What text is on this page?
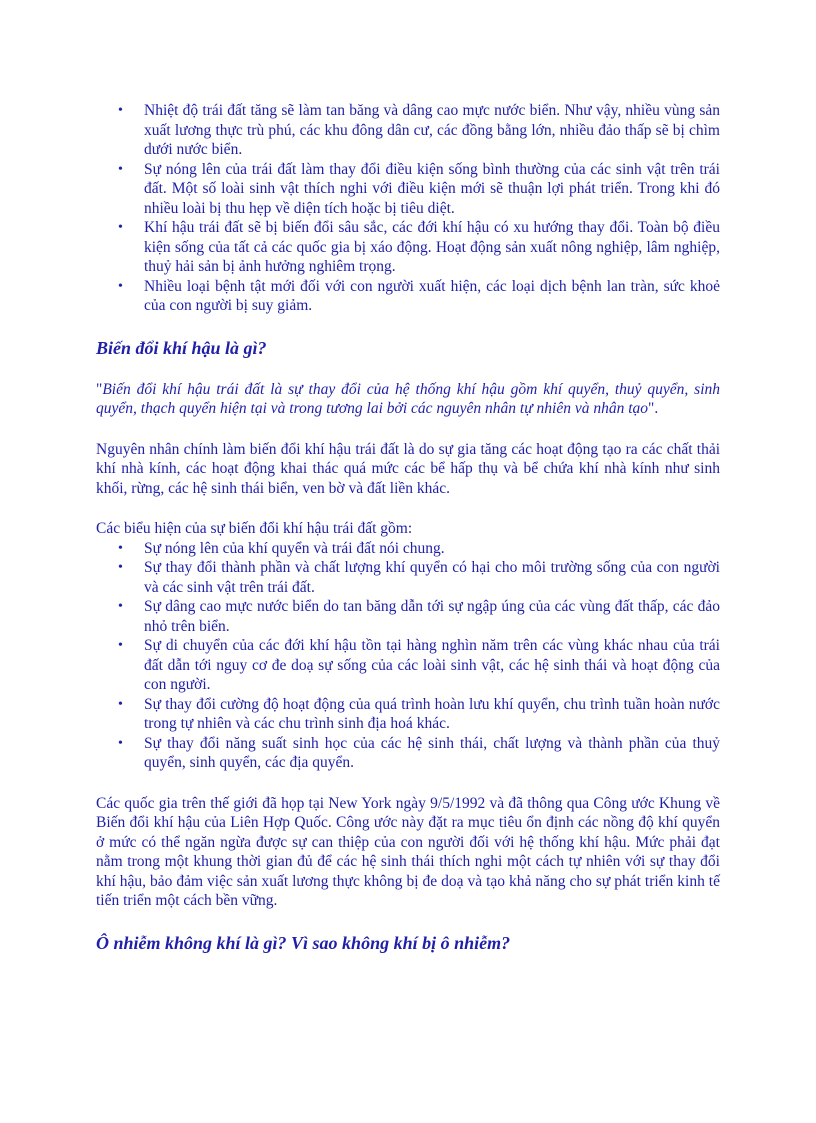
• Nhiệt độ trái đất tăng sẽ làm tan băng và dâng cao mực nước biển. Như vậy, nhiều vùng sản xuất lương thực trù phú, các khu đông dân cư, các đồng bằng lớn, nhiều đảo thấp sẽ bị chìm dưới nước biển.
• Sự nóng lên của trái đất làm thay đổi điều kiện sống bình thường của các sinh vật trên trái đất. Một số loài sinh vật thích nghi với điều kiện mới sẽ thuận lợi phát triển. Trong khi đó nhiều loài bị thu hẹp về diện tích hoặc bị tiêu diệt.
• Khí hậu trái đất sẽ bị biến đổi sâu sắc, các đới khí hậu có xu hướng thay đổi. Toàn bộ điều kiện sống của tất cả các quốc gia bị xáo động. Hoạt động sản xuất nông nghiệp, lâm nghiệp, thuỷ hải sản bị ảnh hưởng nghiêm trọng.
• Nhiều loại bệnh tật mới đối với con người xuất hiện, các loại dịch bệnh lan tràn, sức khoẻ của con người bị suy giảm.
Biến đổi khí hậu là gì?

"Biến đổi khí hậu trái đất là sự thay đổi của hệ thống khí hậu gồm khí quyển, thuỷ quyển, sinh quyển, thạch quyển hiện tại và trong tương lai bởi các nguyên nhân tự nhiên và nhân tạo".

Nguyên nhân chính làm biến đổi khí hậu trái đất là do sự gia tăng các hoạt động tạo ra các chất thải khí nhà kính, các hoạt động khai thác quá mức các bể hấp thụ và bể chứa khí nhà kính như sinh khối, rừng, các hệ sinh thái biển, ven bờ và đất liền khác.

Các biểu hiện của sự biến đổi khí hậu trái đất gồm:

• Sự nóng lên của khí quyển và trái đất nói chung.
• Sự thay đổi thành phần và chất lượng khí quyển có hại cho môi trường sống của con người và các sinh vật trên trái đất.
• Sự dâng cao mực nước biển do tan băng dẫn tới sự ngập úng của các vùng đất thấp, các đảo nhỏ trên biển.
• Sự di chuyển của các đới khí hậu tồn tại hàng nghìn năm trên các vùng khác nhau của trái đất dẫn tới nguy cơ đe doạ sự sống của các loài sinh vật, các hệ sinh thái và hoạt động của con người.
• Sự thay đổi cường độ hoạt động của quá trình hoàn lưu khí quyển, chu trình tuần hoàn nước trong tự nhiên và các chu trình sinh địa hoá khác.
• Sự thay đổi năng suất sinh học của các hệ sinh thái, chất lượng và thành phần của thuỷ quyển, sinh quyển, các địa quyển.

Các quốc gia trên thế giới đã họp tại New York ngày 9/5/1992 và đã thông qua Công ước Khung về Biến đổi khí hậu của Liên Hợp Quốc. Công ước này đặt ra mục tiêu ổn định các nồng độ khí quyển ở mức có thể ngăn ngừa được sự can thiệp của con người đối với hệ thống khí hậu. Mức phải đạt nằm trong một khung thời gian đủ để các hệ sinh thái thích nghi một cách tự nhiên với sự thay đổi khí hậu, bảo đảm việc sản xuất lương thực không bị đe doạ và tạo khả năng cho sự phát triển kinh tế tiến triển một cách bền vững.

Ô nhiễm không khí là gì? Vì sao không khí bị ô nhiễm?
